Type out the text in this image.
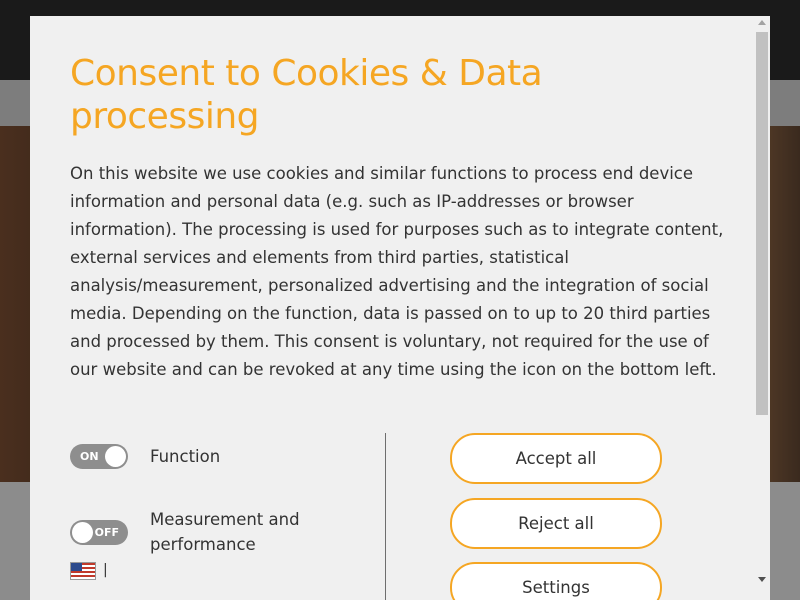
Consent to Cookies & Data processing

On this website we use cookies and similar functions to process end device information and personal data (e.g. such as IP-addresses or browser information). The processing is used for purposes such as to integrate content, external services and elements from third parties, statistical analysis/measurement, personalized advertising and the integration of social media. Depending on the function, data is passed on to up to 20 third parties and processed by them. This consent is voluntary, not required for the use of our website and can be revoked at any time using the icon on the bottom left.

ON	Function
OFF
Measurement and performance
Accept all
Reject all
Settings
|
